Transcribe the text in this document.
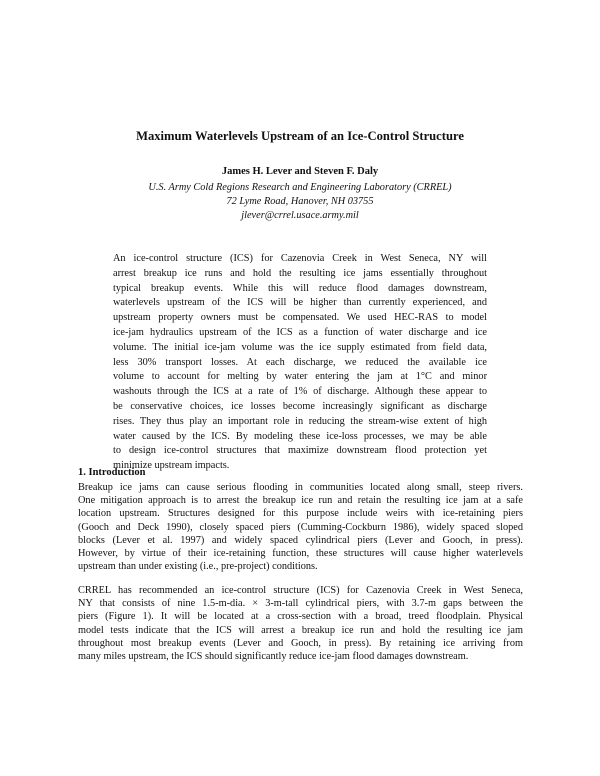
Maximum Waterlevels Upstream of an Ice-Control Structure
James H. Lever and Steven F. Daly
U.S. Army Cold Regions Research and Engineering Laboratory (CRREL)
72 Lyme Road, Hanover, NH 03755
jlever@crrel.usace.army.mil
An ice-control structure (ICS) for Cazenovia Creek in West Seneca, NY will
arrest breakup ice runs and hold the resulting ice jams essentially throughout
typical breakup events. While this will reduce flood damages downstream,
waterlevels upstream of the ICS will be higher than currently experienced, and
upstream property owners must be compensated. We used HEC-RAS to model
ice-jam hydraulics upstream of the ICS as a function of water discharge and ice
volume. The initial ice-jam volume was the ice supply estimated from field data,
less 30% transport losses. At each discharge, we reduced the available ice
volume to account for melting by water entering the jam at 1°C and minor
washouts through the ICS at a rate of 1% of discharge. Although these appear to
be conservative choices, ice losses become increasingly significant as discharge
rises. They thus play an important role in reducing the stream-wise extent of high
water caused by the ICS. By modeling these ice-loss processes, we may be able
to design ice-control structures that maximize downstream flood protection yet
minimize upstream impacts.
1. Introduction
Breakup ice jams can cause serious flooding in communities located along small, steep rivers.
One mitigation approach is to arrest the breakup ice run and retain the resulting ice jam at a safe
location upstream. Structures designed for this purpose include weirs with ice-retaining piers
(Gooch and Deck 1990), closely spaced piers (Cumming-Cockburn 1986), widely spaced sloped
blocks (Lever et al. 1997) and widely spaced cylindrical piers (Lever and Gooch, in press).
However, by virtue of their ice-retaining function, these structures will cause higher waterlevels
upstream than under existing (i.e., pre-project) conditions.
CRREL has recommended an ice-control structure (ICS) for Cazenovia Creek in West Seneca,
NY that consists of nine 1.5-m-dia. × 3-m-tall cylindrical piers, with 3.7-m gaps between the
piers (Figure 1). It will be located at a cross-section with a broad, treed floodplain. Physical
model tests indicate that the ICS will arrest a breakup ice run and hold the resulting ice jam
throughout most breakup events (Lever and Gooch, in press). By retaining ice arriving from
many miles upstream, the ICS should significantly reduce ice-jam flood damages downstream.
